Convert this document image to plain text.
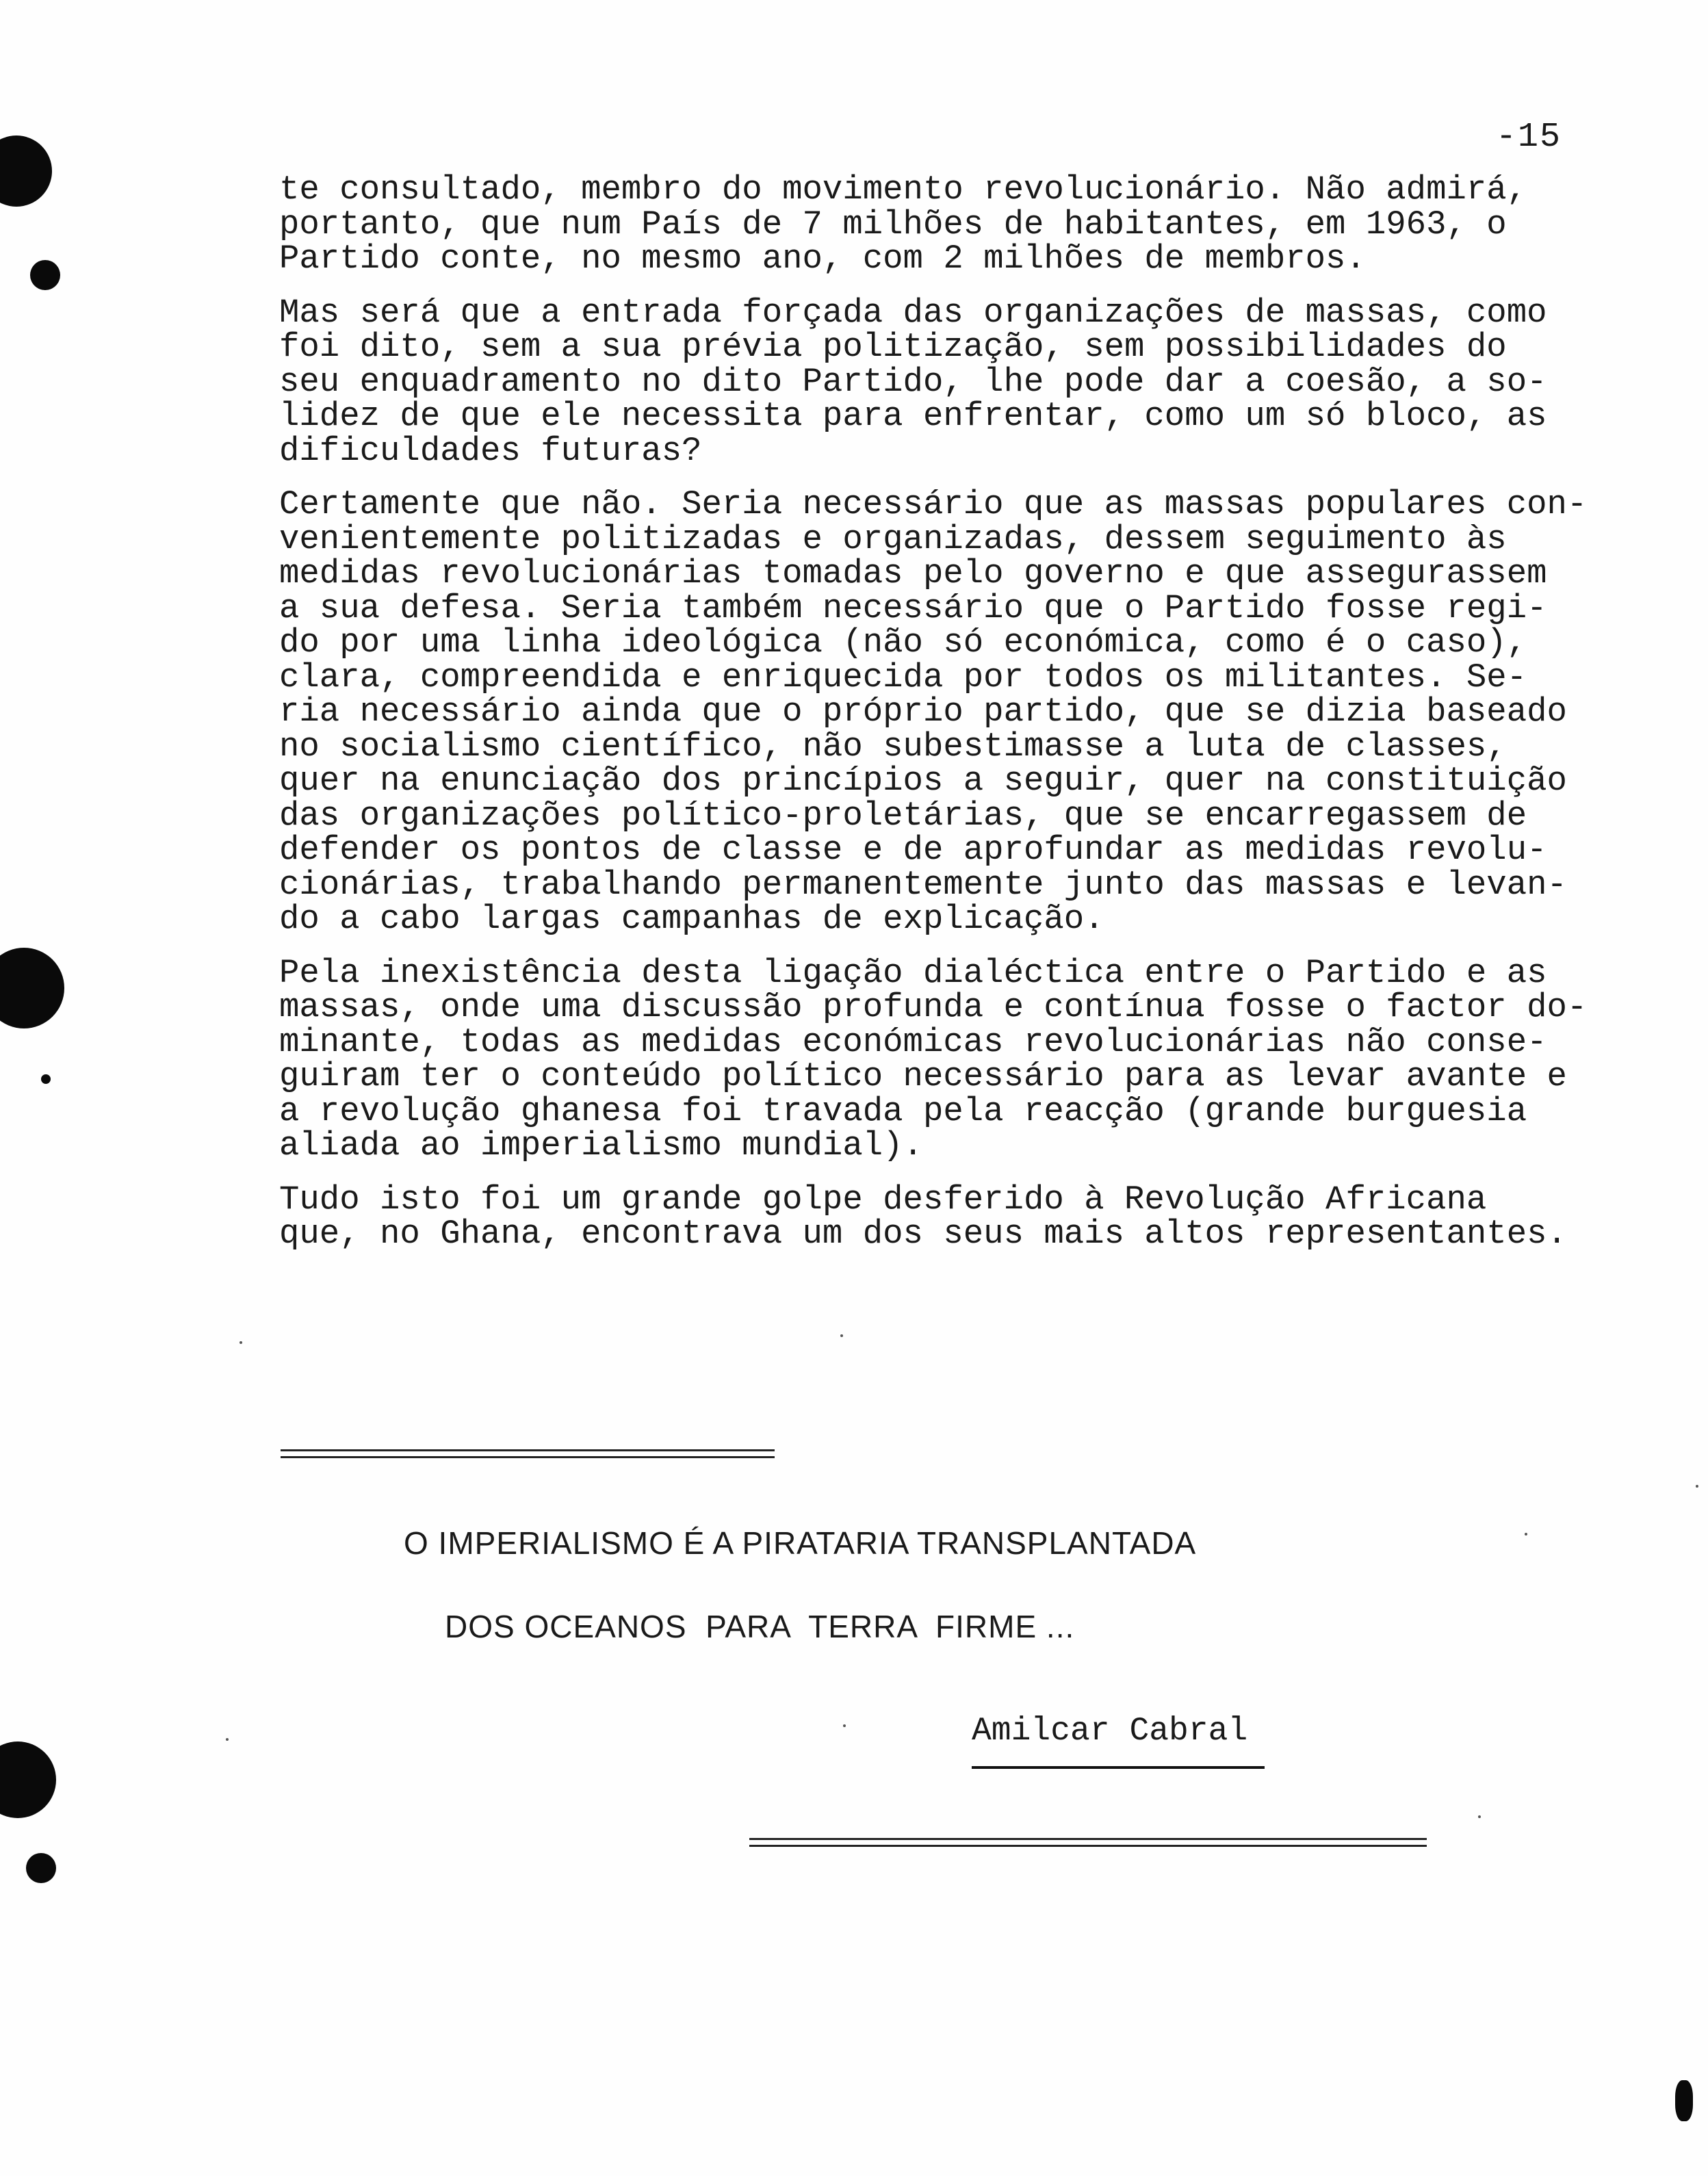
-15
te consultado, membro do movimento revolucionário. Não admirá,
portanto, que num País de 7 milhões de habitantes, em 1963, o
Partido conte, no mesmo ano, com 2 milhões de membros.
Mas será que a entrada forçada das organizações de massas, como
foi dito, sem a sua prévia politização, sem possibilidades do
seu enquadramento no dito Partido, lhe pode dar a coesão, a so-
lidez de que ele necessita para enfrentar, como um só bloco, as
dificuldades futuras?
Certamente que não. Seria necessário que as massas populares con-
venientemente politizadas e organizadas, dessem seguimento às
medidas revolucionárias tomadas pelo governo e que assegurassem
a sua defesa. Seria também necessário que o Partido fosse regi-
do por uma linha ideológica (não só económica, como é o caso),
clara, compreendida e enriquecida por todos os militantes. Se-
ria necessário ainda que o próprio partido, que se dizia baseado
no socialismo científico, não subestimasse a luta de classes,
quer na enunciação dos princípios a seguir, quer na constituição
das organizações político-proletárias, que se encarregassem de
defender os pontos de classe e de aprofundar as medidas revolu-
cionárias, trabalhando permanentemente junto das massas e levan-
do a cabo largas campanhas de explicação.
Pela inexistência desta ligação dialéctica entre o Partido e as
massas, onde uma discussão profunda e contínua fosse o factor do-
minante, todas as medidas económicas revolucionárias não conse-
guiram ter o conteúdo político necessário para as levar avante e
a revolução ghanesa foi travada pela reacção (grande burguesia
aliada ao imperialismo mundial).
Tudo isto foi um grande golpe desferido à Revolução Africana
que, no Ghana, encontrava um dos seus mais altos representantes.
O IMPERIALISMO É A PIRATARIA TRANSPLANTADA
DOS OCEANOS  PARA  TERRA  FIRME ...
Amilcar Cabral
